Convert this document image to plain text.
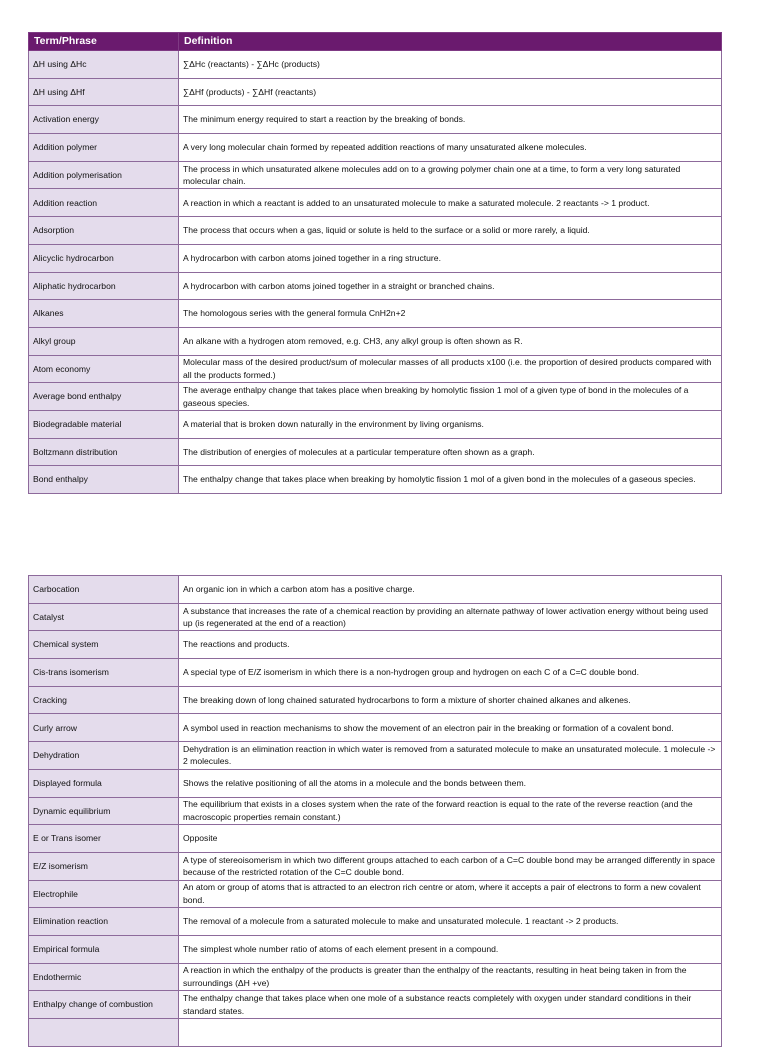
Term/Phrase	Definition
ΔH using ΔHc	∑ΔHc (reactants) - ∑ΔHc (products)
ΔH using ΔHf	∑ΔHf (products) - ∑ΔHf (reactants)
Activation energy	The minimum energy required to start a reaction by the breaking of bonds.
Addition polymer	A very long molecular chain formed by repeated addition reactions of many unsaturated alkene molecules.
Addition polymerisation	The process in which unsaturated alkene molecules add on to a growing polymer chain one at a time, to form a very long saturated molecular chain.
Addition reaction	A reaction in which a reactant is added to an unsaturated molecule to make a saturated molecule. 2 reactants -> 1 product.
Adsorption	The process that occurs when a gas, liquid or solute is held to the surface or a solid or more rarely, a liquid.
Alicyclic hydrocarbon	A hydrocarbon with carbon atoms joined together in a ring structure.
Aliphatic hydrocarbon	A hydrocarbon with carbon atoms joined together in a straight or branched chains.
Alkanes	The homologous series with the general formula CnH2n+2
Alkyl group	An alkane with a hydrogen atom removed, e.g. CH3, any alkyl group is often shown as R.
Atom economy	Molecular mass of the desired product/sum of molecular masses of all products x100 (i.e. the proportion of desired products compared with all the products formed.)
Average bond enthalpy	The average enthalpy change that takes place when breaking by homolytic fission 1 mol of a given type of bond in the molecules of a gaseous species.
Biodegradable material	A material that is broken down naturally in the environment by living organisms.
Boltzmann distribution	The distribution of energies of molecules at a particular temperature often shown as a graph.
Bond enthalpy	The enthalpy change that takes place when breaking by homolytic fission 1 mol of a given bond in the molecules of a gaseous species.
Carbocation	An organic ion in which a carbon atom has a positive charge.
Catalyst	A substance that increases the rate of a chemical reaction by providing an alternate pathway of lower activation energy without being used up (is regenerated at the end of a reaction)
Chemical system	The reactions and products.
Cis-trans isomerism	A special type of E/Z isomerism in which there is a non-hydrogen group and hydrogen on each C of a C=C double bond.
Cracking	The breaking down of long chained saturated hydrocarbons to form a mixture of shorter chained alkanes and alkenes.
Curly arrow	A symbol used in reaction mechanisms to show the movement of an electron pair in the breaking or formation of a covalent bond.
Dehydration	Dehydration is an elimination reaction in which water is removed from a saturated molecule to make an unsaturated molecule. 1 molecule -> 2 molecules.
Displayed formula	Shows the relative positioning of all the atoms in a molecule and the bonds between them.
Dynamic equilibrium	The equilibrium that exists in a closes system when the rate of the forward reaction is equal to the rate of the reverse reaction (and the macroscopic properties remain constant.)
E or Trans isomer	Opposite
E/Z isomerism	A type of stereoisomerism in which two different groups attached to each carbon of a C=C double bond may be arranged differently in space because of the restricted rotation of the C=C double bond.
Electrophile	An atom or group of atoms that is attracted to an electron rich centre or atom, where it accepts a pair of electrons to form a new covalent bond.
Elimination reaction	The removal of a molecule from a saturated molecule to make and unsaturated molecule. 1 reactant -> 2 products.
Empirical formula	The simplest whole number ratio of atoms of each element present in a compound.
Endothermic	A reaction in which the enthalpy of the products is greater than the enthalpy of the reactants, resulting in heat being taken in from the surroundings (ΔH +ve)
Enthalpy change of combustion	The enthalpy change that takes place when one mole of a substance reacts completely with oxygen under standard conditions in their standard states.
